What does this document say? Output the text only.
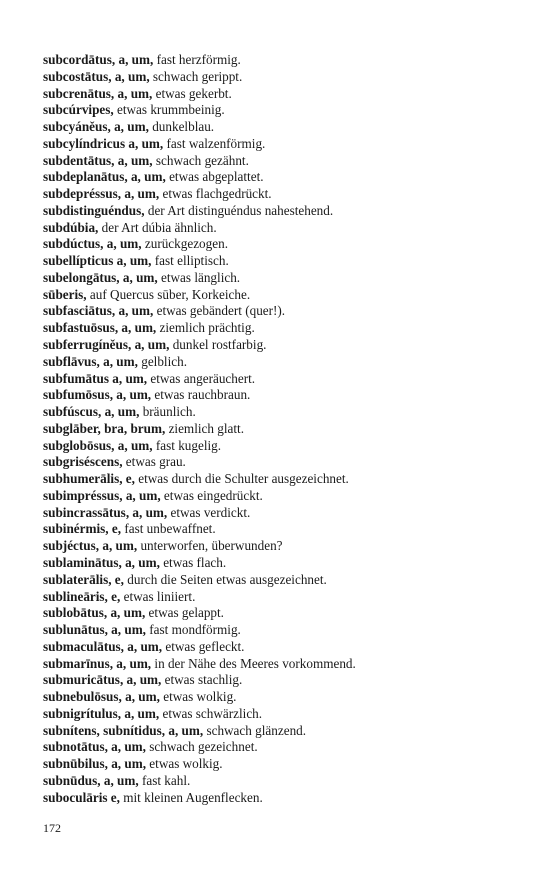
subcordātus, a, um, fast herzförmig.
subcostātus, a, um, schwach gerippt.
subcrenātus, a, um, etwas gekerbt.
subcúrvipes, etwas krummbeinig.
subcyáněus, a, um, dunkelblau.
subcylíndricus a, um, fast walzenförmig.
subdentātus, a, um, schwach gezähnt.
subdeplanātus, a, um, etwas abgeplattet.
subdepréssus, a, um, etwas flachgedrückt.
subdistinguéndus, der Art distinguéndus nahestehend.
subdúbia, der Art dúbia ähnlich.
subdúctus, a, um, zurückgezogen.
subellípticus a, um, fast elliptisch.
subelongātus, a, um, etwas länglich.
sūberis, auf Quercus sūber, Korkeiche.
subfasciātus, a, um, etwas gebändert (quer!).
subfastuōsus, a, um, ziemlich prächtig.
subferrugíněus, a, um, dunkel rostfarbig.
subflāvus, a, um, gelblich.
subfumātus a, um, etwas angeräuchert.
subfumōsus, a, um, etwas rauchbraun.
subfúscus, a, um, bräunlich.
subglāber, bra, brum, ziemlich glatt.
subglobōsus, a, um, fast kugelig.
subgriséscens, etwas grau.
subhumerālis, e, etwas durch die Schulter ausgezeichnet.
subimpréssus, a, um, etwas eingedrückt.
subincrassātus, a, um, etwas verdickt.
subinérmis, e, fast unbewaffnet.
subjéctus, a, um, unterworfen, überwunden?
sublaminātus, a, um, etwas flach.
sublaterālis, e, durch die Seiten etwas ausgezeichnet.
sublineāris, e, etwas liniiert.
sublobātus, a, um, etwas gelappt.
sublunātus, a, um, fast mondförmig.
submaculātus, a, um, etwas gefleckt.
submarīnus, a, um, in der Nähe des Meeres vorkommend.
submuricātus, a, um, etwas stachlig.
subnebulōsus, a, um, etwas wolkig.
subnigrítulus, a, um, etwas schwärzlich.
subnítens, subnítidus, a, um, schwach glänzend.
subnotātus, a, um, schwach gezeichnet.
subnūbilus, a, um, etwas wolkig.
subnūdus, a, um, fast kahl.
suboculāris e, mit kleinen Augenflecken.
172
